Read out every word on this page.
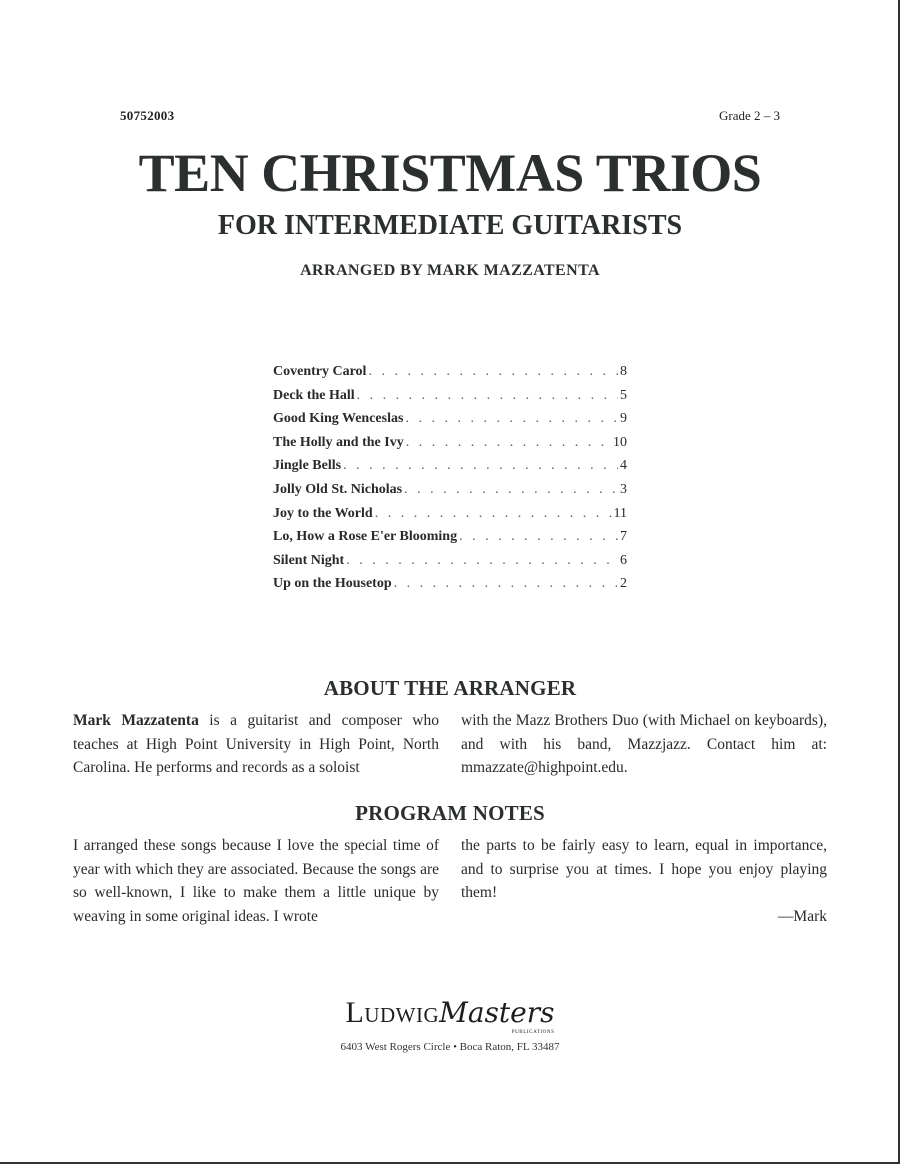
50752003	Grade 2 – 3
TEN CHRISTMAS TRIOS
FOR INTERMEDIATE GUITARISTS
ARRANGED BY MARK MAZZATENTA
Coventry Carol . . .	8
Deck the Hall . . .	5
Good King Wenceslas . . .	9
The Holly and the Ivy . . .	10
Jingle Bells . . .	4
Jolly Old St. Nicholas . . .	3
Joy to the World . . .	11
Lo, How a Rose E'er Blooming . . .	7
Silent Night . . .	6
Up on the Housetop . . .	2
ABOUT THE ARRANGER
Mark Mazzatenta is a guitarist and composer who teaches at High Point University in High Point, North Carolina. He performs and records as a soloist
with the Mazz Brothers Duo (with Michael on keyboards), and with his band, Mazzjazz. Contact him at: mmazzate@highpoint.edu.
PROGRAM NOTES
I arranged these songs because I love the special time of year with which they are associated. Because the songs are so well-known, I like to make them a little unique by weaving in some original ideas. I wrote
the parts to be fairly easy to learn, equal in importance, and to surprise you at times. I hope you enjoy playing them!
—Mark
LudwigMasters
PUBLICATIONS
6403 West Rogers Circle • Boca Raton, FL 33487
